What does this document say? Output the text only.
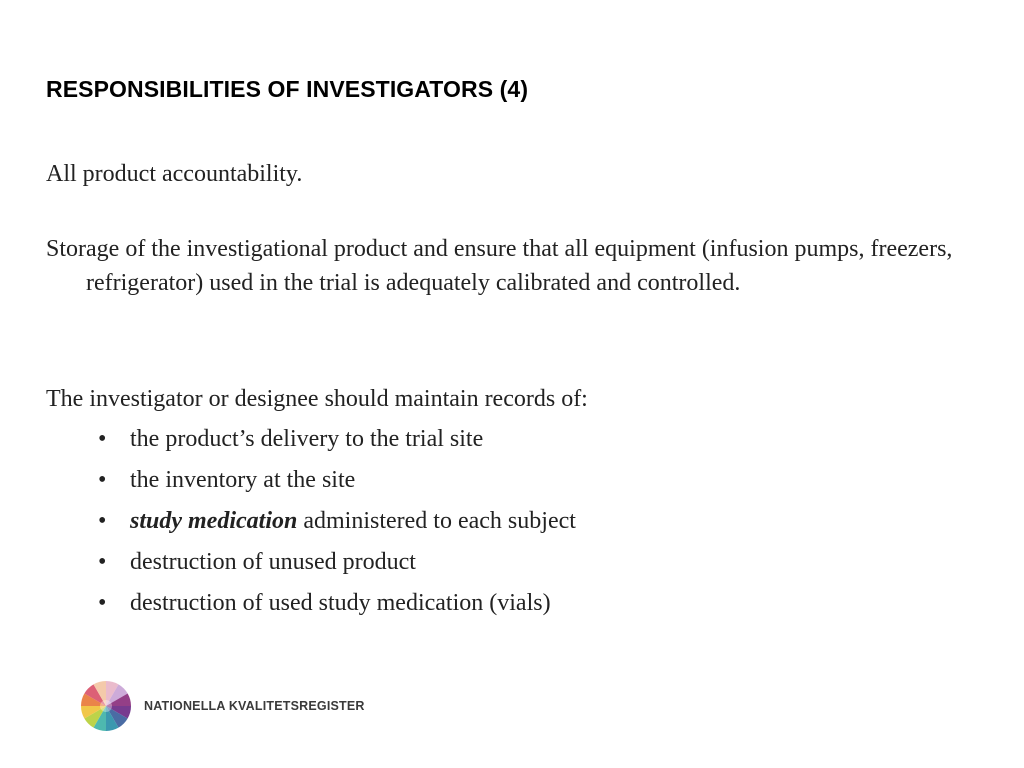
RESPONSIBILITIES OF INVESTIGATORS (4)
All product accountability.
Storage of the investigational product and ensure that all equipment (infusion pumps, freezers, refrigerator) used in the trial is adequately calibrated and controlled.
The investigator or designee should maintain records of:
• the product’s delivery to the trial site
• the inventory at the site
• study medication administered to each subject
• destruction of unused product
• destruction of used study medication (vials)
NATIONELLA KVALITETSREGISTER
